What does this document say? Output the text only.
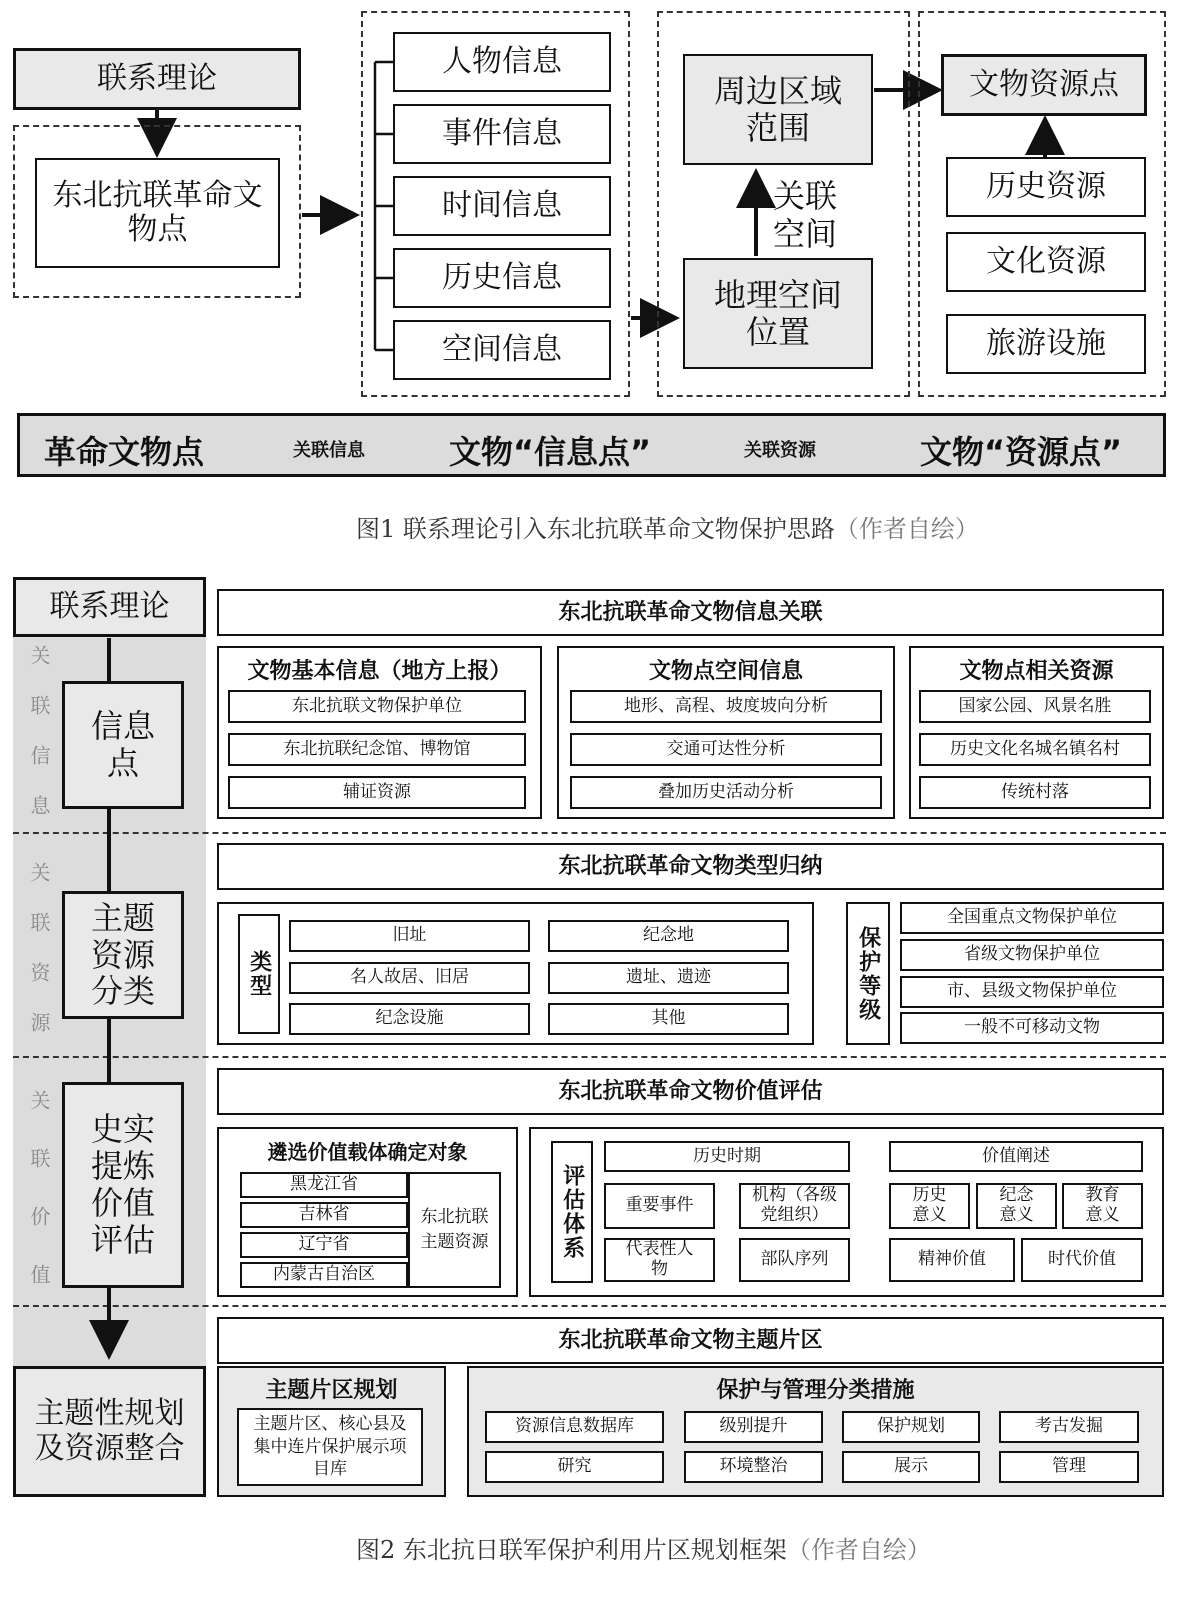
联系理论
东北抗联革命文物点
人物信息
事件信息
时间信息
历史信息
空间信息
周边区域范围
关联空间
地理空间位置
文物资源点
历史资源
文化资源
旅游设施
革命文物点	关联信息	文物“信息点”	关联资源	文物“资源点”
图1 联系理论引入东北抗联革命文物保护思路（作者自绘）
关联信息
关联资源
关联价值
联系理论
信息点
主题资源分类
史实提炼价值评估
主题性规划及资源整合
东北抗联革命文物信息关联
文物基本信息（地方上报）
东北抗联文物保护单位
东北抗联纪念馆、博物馆
辅证资源
文物点空间信息
地形、高程、坡度坡向分析
交通可达性分析
叠加历史活动分析
文物点相关资源
国家公园、风景名胜
历史文化名城名镇名村
传统村落
东北抗联革命文物类型归纳
类型
旧址	纪念地
名人故居、旧居	遗址、遗迹
纪念设施	其他	保护等级
全国重点文物保护单位
省级文物保护单位
市、县级文物保护单位
一般不可移动文物
东北抗联革命文物价值评估
遴选价值载体确定对象
黑龙江省
吉林省
辽宁省
内蒙古自治区
东北抗联主题资源	评估体系
历史时期
重要事件	机构（各级党组织）
代表性人物	部队序列
价值阐述
历史意义
纪念意义
教育意义
精神价值	时代价值
东北抗联革命文物主题片区
主题片区规划
主题片区、核心县及集中连片保护展示项目库
保护与管理分类措施
资源信息数据库	级别提升	保护规划	考古发掘
研究	环境整治	展示	管理
图2 东北抗日联军保护利用片区规划框架（作者自绘）
